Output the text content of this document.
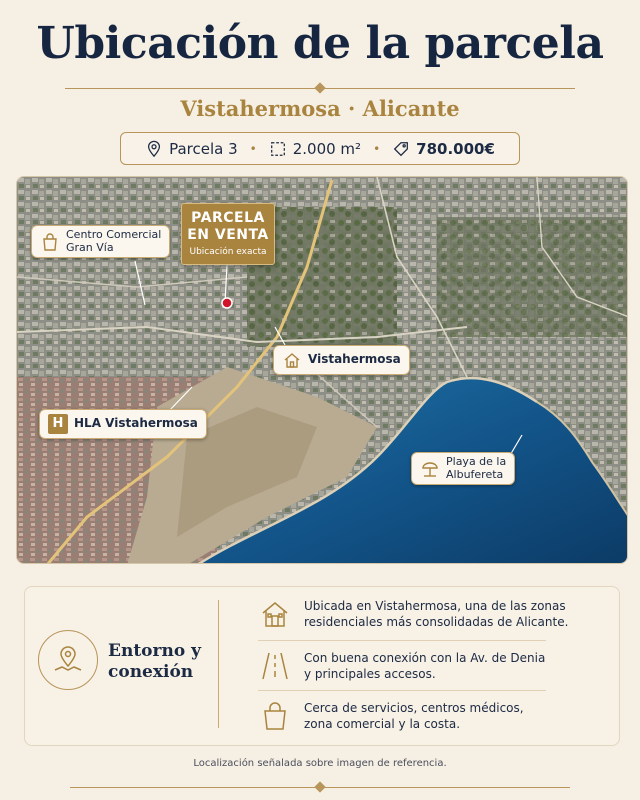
Ubicación de la parcela
Vistahermosa · Alicante
Parcela 3 • 2.000 m² • 780.000€
PARCELA
EN VENTA
Ubicación exacta
Centro Comercial
Gran Vía
Vistahermosa
H HLA Vistahermosa
Playa de la
Albufereta
Entorno y
conexión
Ubicada en Vistahermosa, una de las zonas
residenciales más consolidadas de Alicante.
Con buena conexión con la Av. de Denia
y principales accesos.
Cerca de servicios, centros médicos,
zona comercial y la costa.
Localización señalada sobre imagen de referencia.
